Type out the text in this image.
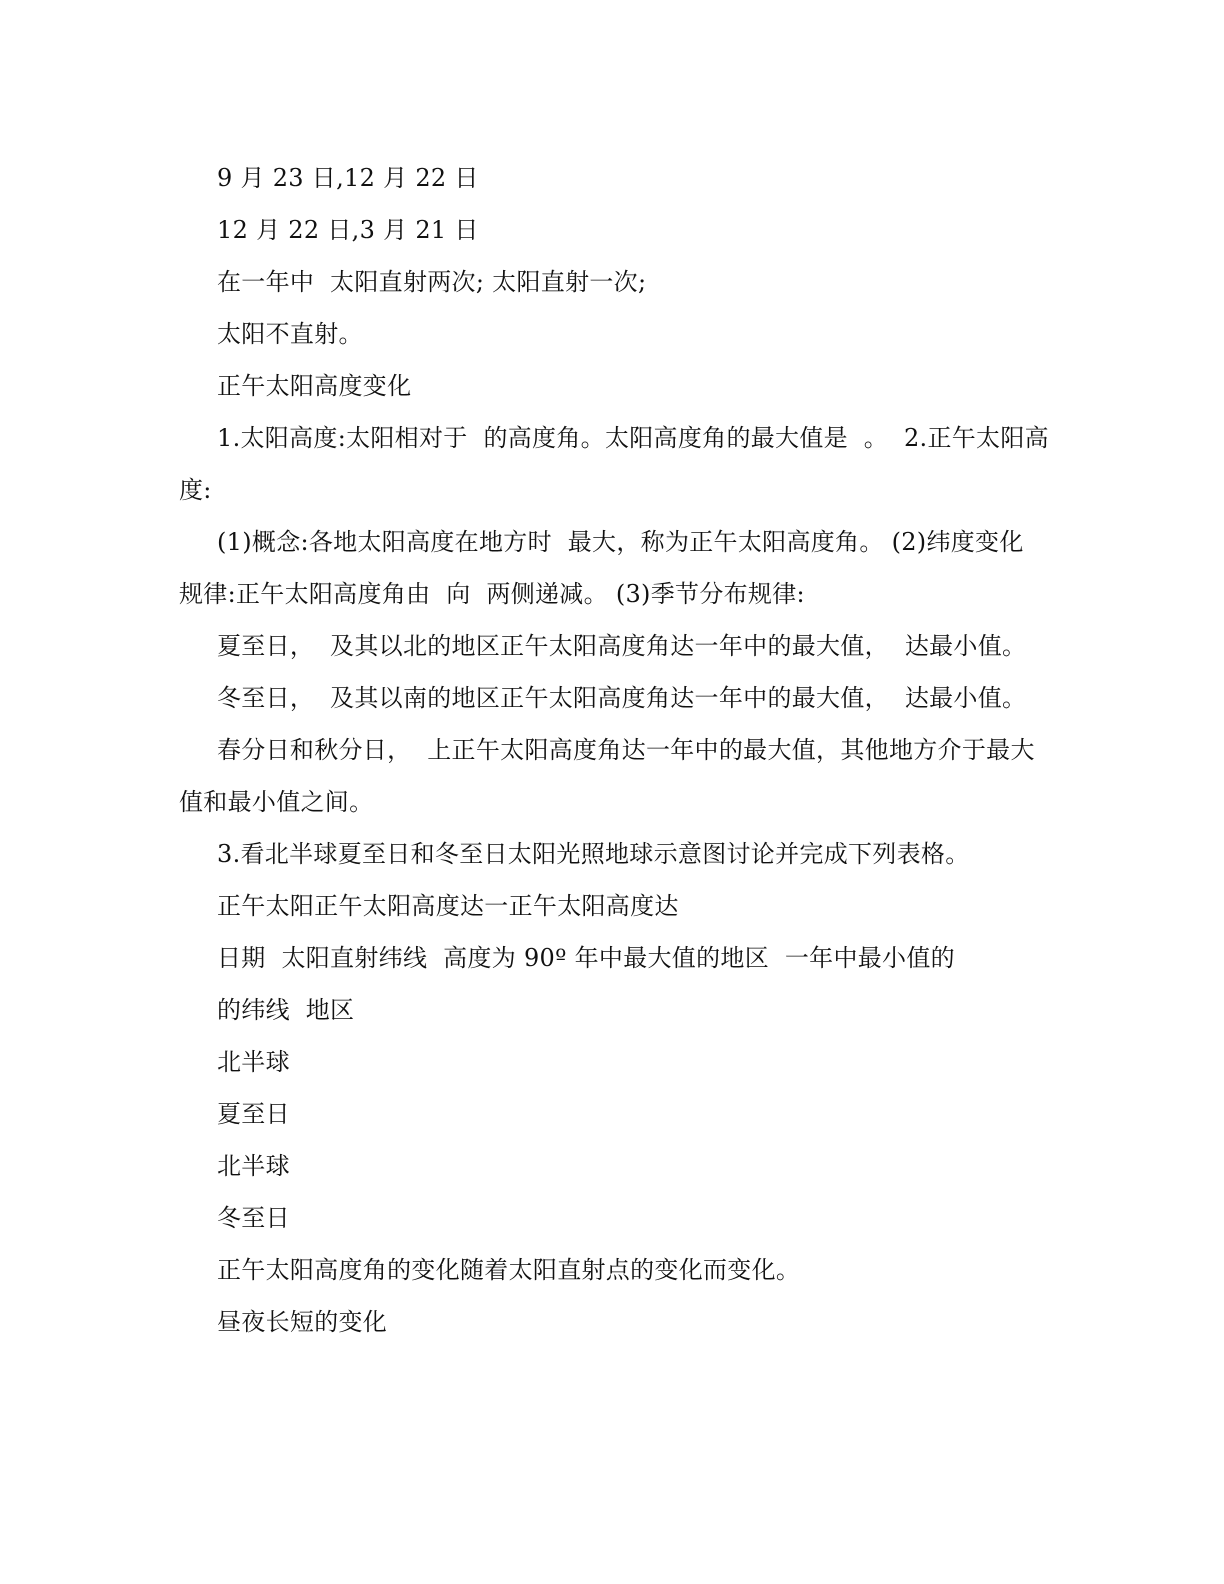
9 月 23 日,12 月 22 日
12 月 22 日,3 月 21 日
在一年中  太阳直射两次; 太阳直射一次;
太阳不直射。
正午太阳高度变化
1.太阳高度:太阳相对于  的高度角。太阳高度角的最大值是  。  2.正午太阳高
度:
(1)概念:各地太阳高度在地方时  最大，称为正午太阳高度角。 (2)纬度变化
规律:正午太阳高度角由  向  两侧递减。 (3)季节分布规律:
夏至日，  及其以北的地区正午太阳高度角达一年中的最大值，  达最小值。
冬至日，  及其以南的地区正午太阳高度角达一年中的最大值，  达最小值。
春分日和秋分日，  上正午太阳高度角达一年中的最大值，其他地方介于最大
值和最小值之间。
3.看北半球夏至日和冬至日太阳光照地球示意图讨论并完成下列表格。
正午太阳正午太阳高度达一正午太阳高度达
日期  太阳直射纬线  高度为 90º 年中最大值的地区  一年中最小值的
的纬线  地区
北半球
夏至日
北半球
冬至日
正午太阳高度角的变化随着太阳直射点的变化而变化。
昼夜长短的变化
